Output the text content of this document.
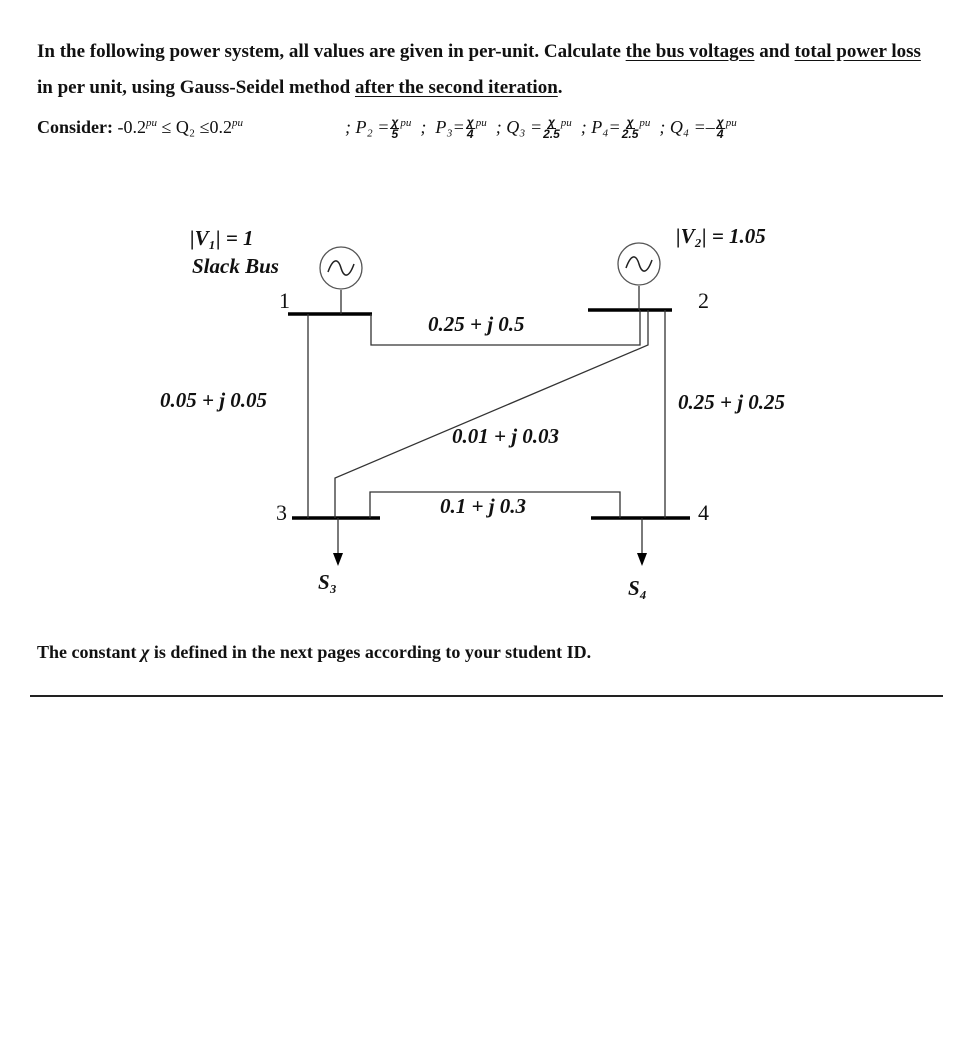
In the following power system, all values are given in per-unit. Calculate the bus voltages and total power loss
in per unit, using Gauss-Seidel method after the second iteration.
Consider: $-0.2^{pu} \le Q_2 \le 0.2^{pu}$	; $P_2 = \frac{\chi}{5} ^{pu}$ ; $P_3= \frac{\chi}{4} ^{pu}$ ; $Q_3 = \frac{\chi}{2.5} ^{pu}$ ; $P_4= \frac{\chi}{2.5} ^{pu}$ ; $Q_4 =- \frac{\chi}{4} ^{pu}$
|V₁| = 1
Slack Bus
|V₂| = 1.05
1	2
3	4
0.25 + j 0.5
0.05 + j 0.05	0.25 + j 0.25
0.01 + j 0.03
0.1 + j 0.3
S₃	S₄
The constant χ is defined in the next pages according to your student ID.
